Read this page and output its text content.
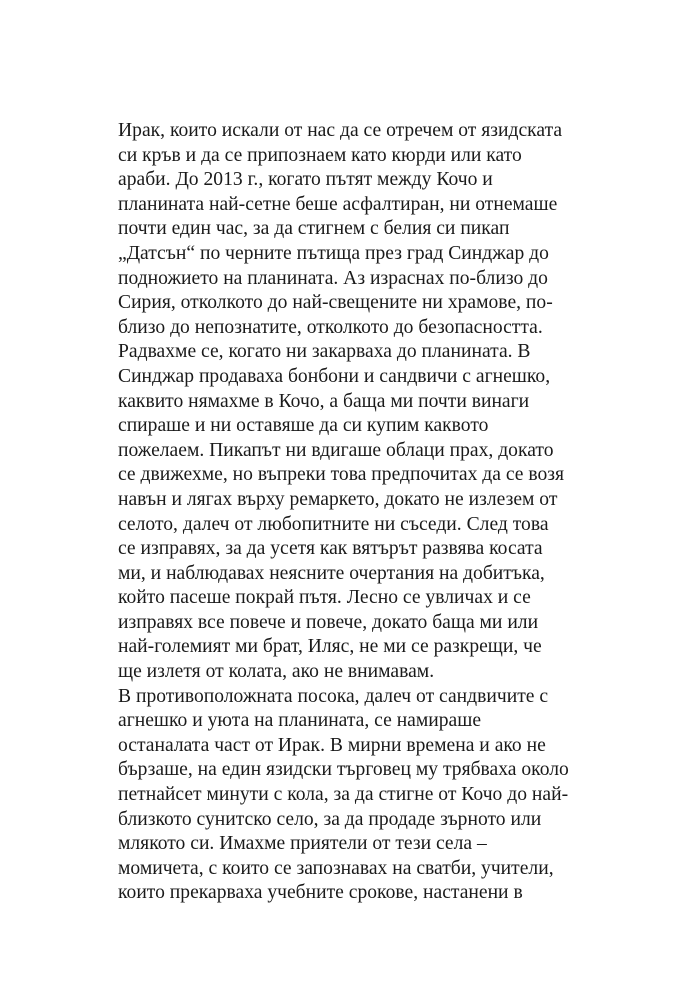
Ирак, които искали от нас да се отречем от язидската
си кръв и да се припознаем като кюрди или като
араби. До 2013 г., когато пътят между Кочо и
планината най-сетне беше асфалтиран, ни отнемаше
почти един час, за да стигнем с белия си пикап
„Датсън“ по черните пътища през град Синджар до
подножието на планината. Аз израснах по-близо до
Сирия, отколкото до най-свещените ни храмове, по-
близо до непознатите, отколкото до безопасността.
Радвахме се, когато ни закарваха до планината. В
Синджар продаваха бонбони и сандвичи с агнешко,
каквито нямахме в Кочо, а баща ми почти винаги
спираше и ни оставяше да си купим каквото
пожелаем. Пикапът ни вдигаше облаци прах, докато
се движехме, но въпреки това предпочитах да се возя
навън и лягах върху ремаркето, докато не излезем от
селото, далеч от любопитните ни съседи. След това
се изправях, за да усетя как вятърът развява косата
ми, и наблюдавах неясните очертания на добитъка,
който пасеше покрай пътя. Лесно се увличах и се
изправях все повече и повече, докато баща ми или
най-големият ми брат, Иляс, не ми се разкрещи, че
ще излетя от колата, ако не внимавам.
В противоположната посока, далеч от сандвичите с
агнешко и уюта на планината, се намираше
останалата част от Ирак. В мирни времена и ако не
бързаше, на един язидски търговец му трябваха около
петнайсет минути с кола, за да стигне от Кочо до най-
близкото сунитско село, за да продаде зърното или
млякото си. Имахме приятели от тези села –
момичета, с които се запознавах на сватби, учители,
които прекарваха учебните срокове, настанени в
